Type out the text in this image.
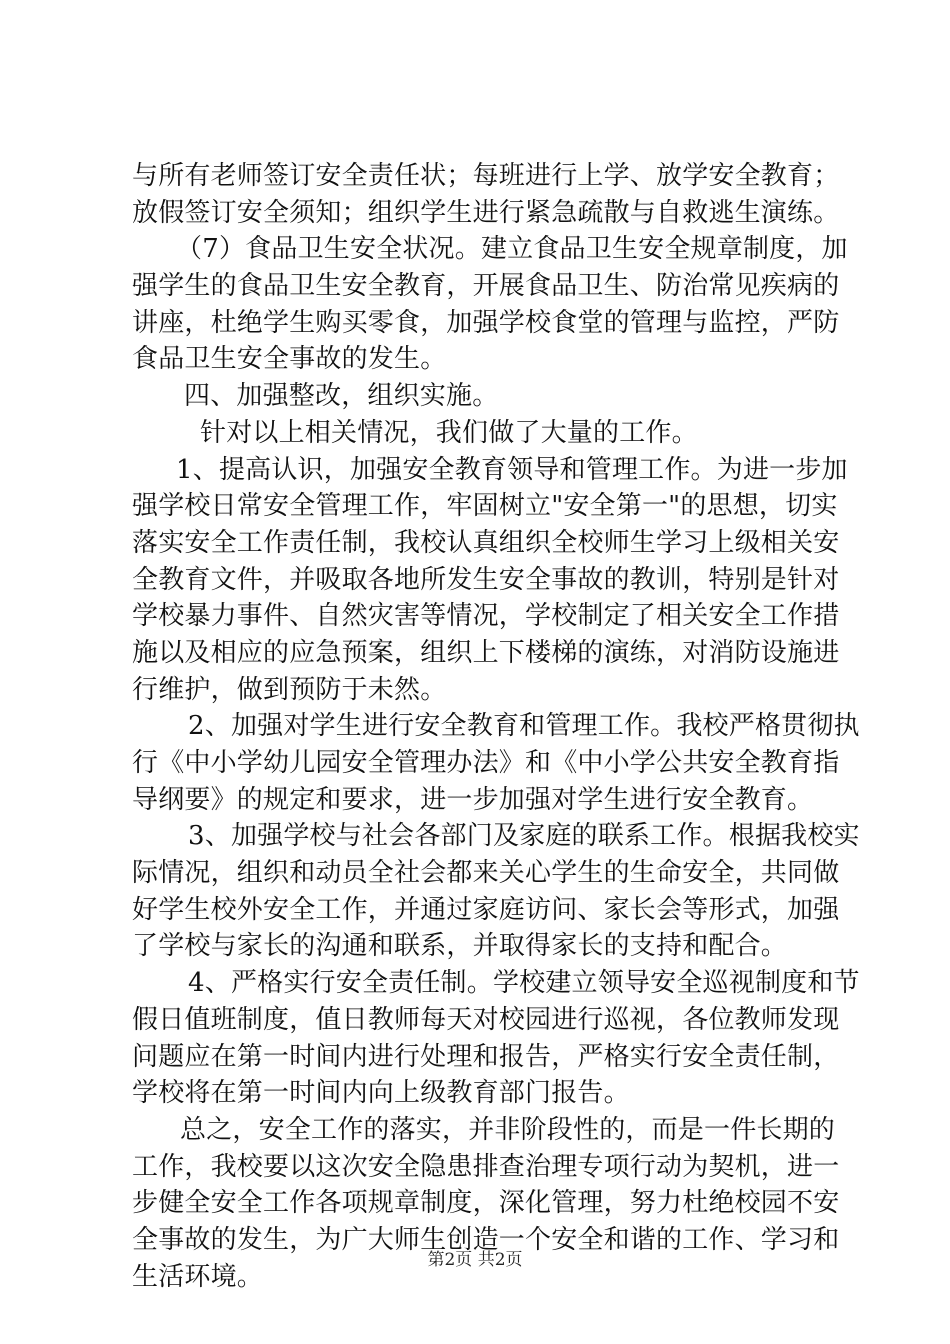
与所有老师签订安全责任状；每班进行上学、放学安全教育；
放假签订安全须知；组织学生进行紧急疏散与自救逃生演练。
（7）食品卫生安全状况。建立食品卫生安全规章制度，加
强学生的食品卫生安全教育，开展食品卫生、防治常见疾病的
讲座，杜绝学生购买零食，加强学校食堂的管理与监控，严防
食品卫生安全事故的发生。
四、加强整改，组织实施。
针对以上相关情况，我们做了大量的工作。
1、提高认识，加强安全教育领导和管理工作。为进一步加
强学校日常安全管理工作，牢固树立"安全第一"的思想，切实
落实安全工作责任制，我校认真组织全校师生学习上级相关安
全教育文件，并吸取各地所发生安全事故的教训，特别是针对
学校暴力事件、自然灾害等情况，学校制定了相关安全工作措
施以及相应的应急预案，组织上下楼梯的演练，对消防设施进
行维护，做到预防于未然。
2、加强对学生进行安全教育和管理工作。我校严格贯彻执
行《中小学幼儿园安全管理办法》和《中小学公共安全教育指
导纲要》的规定和要求，进一步加强对学生进行安全教育。
3、加强学校与社会各部门及家庭的联系工作。根据我校实
际情况，组织和动员全社会都来关心学生的生命安全，共同做
好学生校外安全工作，并通过家庭访问、家长会等形式，加强
了学校与家长的沟通和联系，并取得家长的支持和配合。
4、严格实行安全责任制。学校建立领导安全巡视制度和节
假日值班制度，值日教师每天对校园进行巡视，各位教师发现
问题应在第一时间内进行处理和报告，严格实行安全责任制，
学校将在第一时间内向上级教育部门报告。
总之，安全工作的落实，并非阶段性的，而是一件长期的
工作，我校要以这次安全隐患排查治理专项行动为契机，进一
步健全安全工作各项规章制度，深化管理，努力杜绝校园不安
全事故的发生，为广大师生创造一个安全和谐的工作、学习和
生活环境。
第2页 共2页
